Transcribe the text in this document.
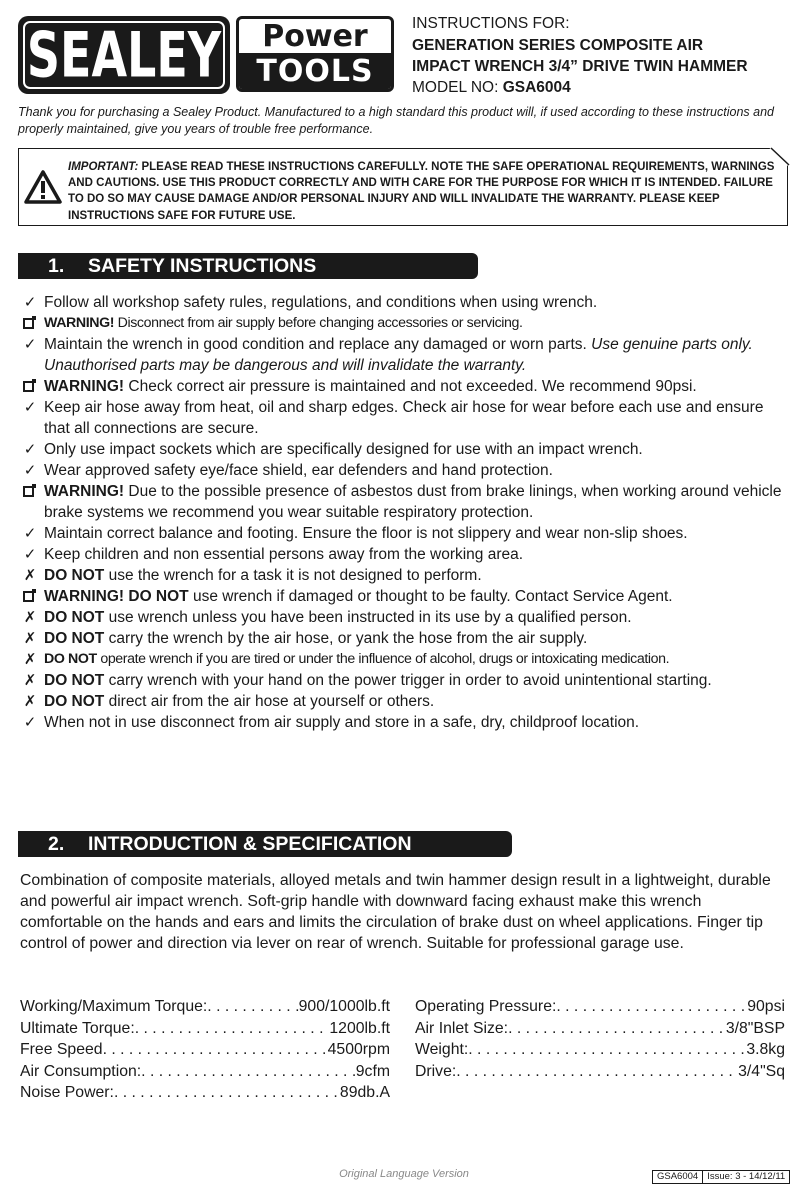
SEALEY	Power
TOOLS
INSTRUCTIONS FOR:
GENERATION SERIES COMPOSITE AIR
IMPACT WRENCH 3/4” DRIVE TWIN HAMMER
MODEL NO: GSA6004
Thank you for purchasing a Sealey Product. Manufactured to a high standard this product will, if used according to these instructions and properly maintained, give you years of trouble free performance.
IMPORTANT: PLEASE READ THESE INSTRUCTIONS CAREFULLY. NOTE THE SAFE OPERATIONAL REQUIREMENTS, WARNINGS AND CAUTIONS. USE THIS PRODUCT CORRECTLY AND WITH CARE FOR THE PURPOSE FOR WHICH IT IS INTENDED. FAILURE TO DO SO MAY CAUSE DAMAGE AND/OR PERSONAL INJURY AND WILL INVALIDATE THE WARRANTY. PLEASE KEEP INSTRUCTIONS SAFE FOR FUTURE USE.
1. SAFETY INSTRUCTIONS
✓ Follow all workshop safety rules, regulations, and conditions when using wrench.
WARNING! Disconnect from air supply before changing accessories or servicing.
✓ Maintain the wrench in good condition and replace any damaged or worn parts. Use genuine parts only. Unauthorised parts may be dangerous and will invalidate the warranty.
WARNING! Check correct air pressure is maintained and not exceeded. We recommend 90psi.
✓ Keep air hose away from heat, oil and sharp edges. Check air hose for wear before each use and ensure that all connections are secure.
✓ Only use impact sockets which are specifically designed for use with an impact wrench.
✓ Wear approved safety eye/face shield, ear defenders and hand protection.
WARNING! Due to the possible presence of asbestos dust from brake linings, when working around vehicle brake systems we recommend you wear suitable respiratory protection.
✓ Maintain correct balance and footing. Ensure the floor is not slippery and wear non-slip shoes.
✓ Keep children and non essential persons away from the working area.
✗ DO NOT use the wrench for a task it is not designed to perform.
WARNING! DO NOT use wrench if damaged or thought to be faulty. Contact Service Agent.
✗ DO NOT use wrench unless you have been instructed in its use by a qualified person.
✗ DO NOT carry the wrench by the air hose, or yank the hose from the air supply.
✗ DO NOT operate wrench if you are tired or under the influence of alcohol, drugs or intoxicating medication.
✗ DO NOT carry wrench with your hand on the power trigger in order to avoid unintentional starting.
✗ DO NOT direct air from the air hose at yourself or others.
✓ When not in use disconnect from air supply and store in a safe, dry, childproof location.
2. INTRODUCTION & SPECIFICATION
Combination of composite materials, alloyed metals and twin hammer design result in a lightweight, durable and powerful air impact wrench. Soft-grip handle with downward facing exhaust make this wrench comfortable on the hands and ears and limits the circulation of brake dust on wheel applications. Finger tip control of power and direction via lever on rear of wrench. Suitable for professional garage use.
Working/Maximum Torque: . . .	900/1000lb.ft
Ultimate Torque: . . .	1200lb.ft
Free Speed . . .	4500rpm
Air Consumption: . . .	9cfm
Noise Power: . . .	89db.A
Operating Pressure: . . .	90psi
Air Inlet Size: . . .	3/8"BSP
Weight: . . .	3.8kg
Drive: . . .	3/4"Sq
Original Language Version	GSA6004 Issue: 3 - 14/12/11
